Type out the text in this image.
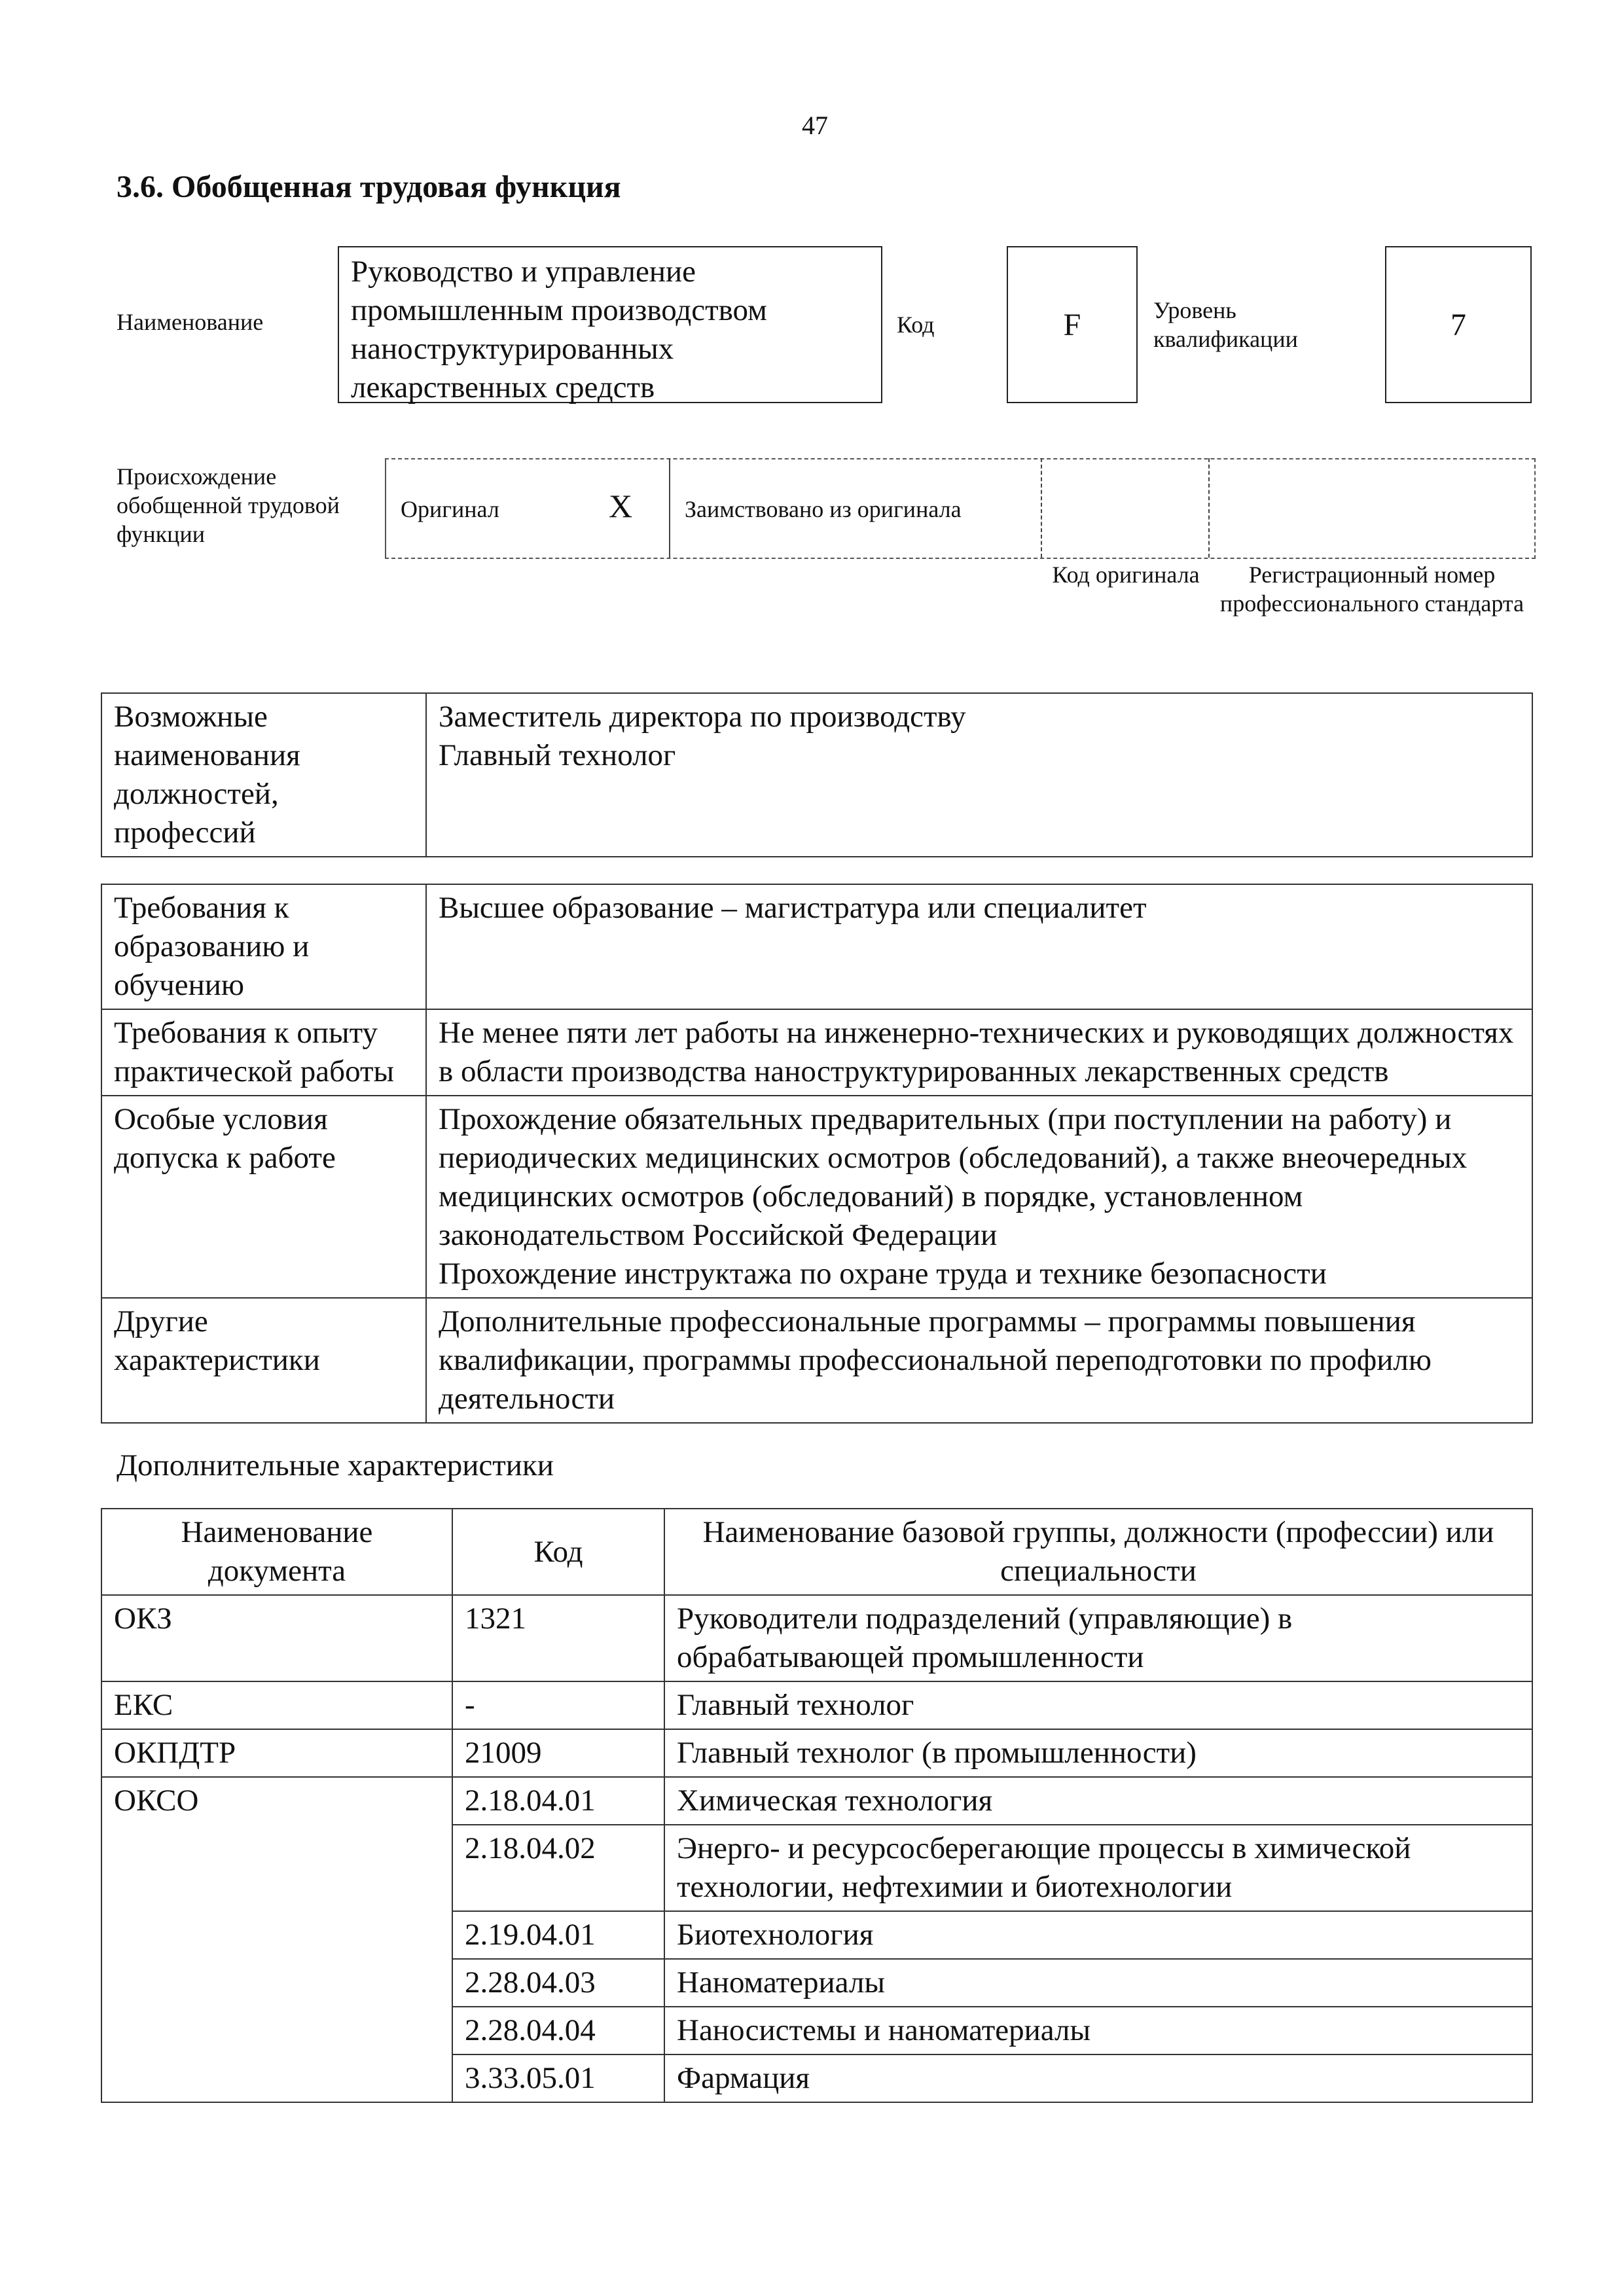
47
3.6. Обобщенная трудовая функция
Наименование
Руководство и управление промышленным производством наноструктурированных лекарственных средств
Код	F	Уровень квалификации	7
Происхождение обобщенной трудовой функции
Оригинал	X Заимствовано из оригинала
Код оригинала	Регистрационный номер профессионального стандарта
Возможные наименования должностей, профессий	
Заместитель директора по производству
Главный технолог
Требования к образованию и обучению	Высшее образование – магистратура или специалитет
Требования к опыту практической работы	Не менее пяти лет работы на инженерно-технических и руководящих должностях в области производства наноструктурированных лекарственных средств
Особые условия допуска к работе	Прохождение обязательных предварительных (при поступлении на работу) и периодических медицинских осмотров (обследований), а также внеочередных медицинских осмотров (обследований) в порядке, установленном законодательством Российской Федерации
Прохождение инструктажа по охране труда и технике безопасности

Другие характеристики	Дополнительные профессиональные программы – программы повышения квалификации, программы профессиональной переподготовки по профилю деятельности
Дополнительные характеристики
Наименование документа	Код	Наименование базовой группы, должности (профессии) или специальности
ОКЗ	1321	Руководители подразделений (управляющие) в обрабатывающей промышленности
ЕКС	-	Главный технолог
ОКПДТР	21009	Главный технолог (в промышленности)
ОКСО	2.18.04.01	Химическая технология
	2.18.04.02	Энерго- и ресурсосберегающие процессы в химической технологии, нефтехимии и биотехнологии
	2.19.04.01	Биотехнология
	2.28.04.03	Наноматериалы
	2.28.04.04	Наносистемы и наноматериалы
	3.33.05.01	Фармация
